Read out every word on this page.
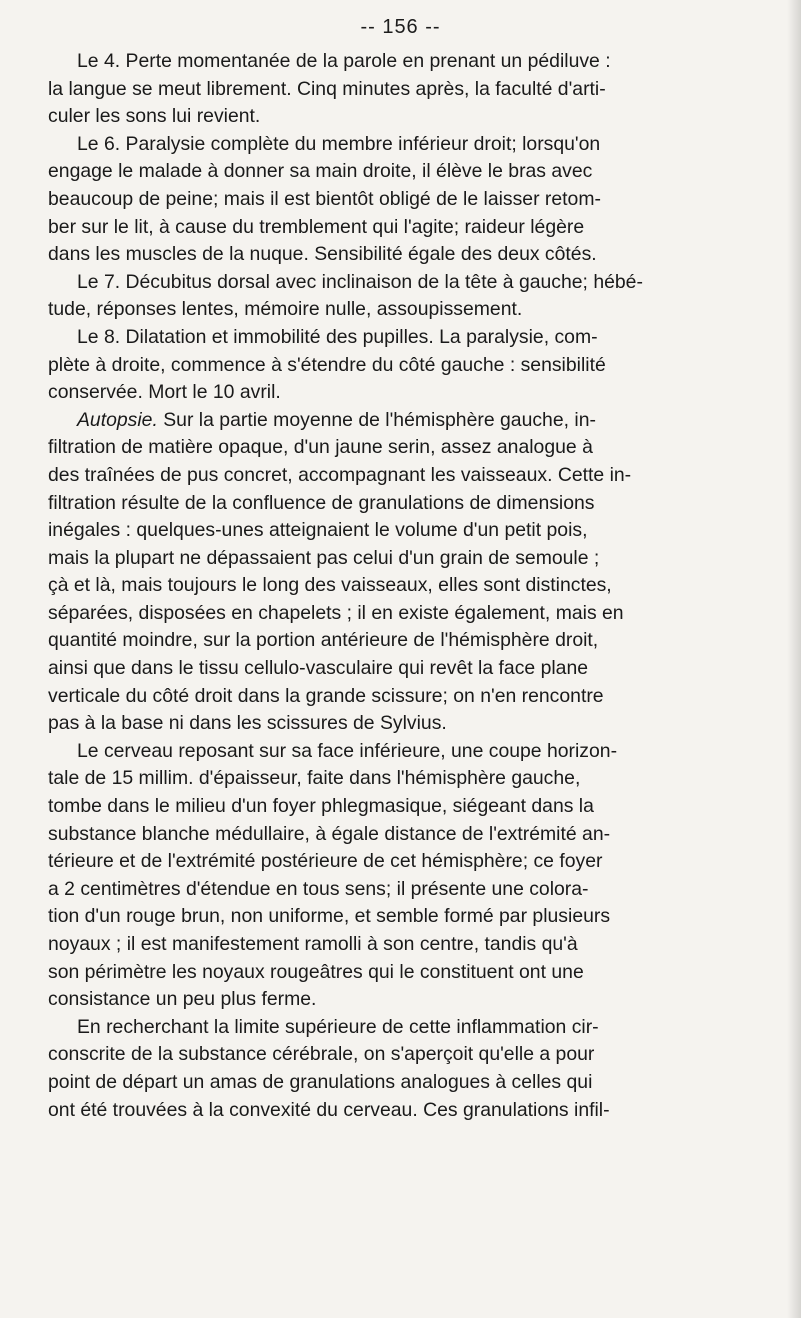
-- 156 --

Le 4. Perte momentanée de la parole en prenant un pédiluve :
la langue se meut librement. Cinq minutes après, la faculté d'arti-
culer les sons lui revient.

Le 6. Paralysie complète du membre inférieur droit; lorsqu'on
engage le malade à donner sa main droite, il élève le bras avec
beaucoup de peine; mais il est bientôt obligé de le laisser retom-
ber sur le lit, à cause du tremblement qui l'agite; raideur légère
dans les muscles de la nuque. Sensibilité égale des deux côtés.

Le 7. Décubitus dorsal avec inclinaison de la tête à gauche; hébé-
tude, réponses lentes, mémoire nulle, assoupissement.

Le 8. Dilatation et immobilité des pupilles. La paralysie, com-
plète à droite, commence à s'étendre du côté gauche : sensibilité
conservée. Mort le 10 avril.

Autopsie. Sur la partie moyenne de l'hémisphère gauche, in-
filtration de matière opaque, d'un jaune serin, assez analogue à
des traînées de pus concret, accompagnant les vaisseaux. Cette in-
filtration résulte de la confluence de granulations de dimensions
inégales : quelques-unes atteignaient le volume d'un petit pois,
mais la plupart ne dépassaient pas celui d'un grain de semoule ;
çà et là, mais toujours le long des vaisseaux, elles sont distinctes,
séparées, disposées en chapelets ; il en existe également, mais en
quantité moindre, sur la portion antérieure de l'hémisphère droit,
ainsi que dans le tissu cellulo-vasculaire qui revêt la face plane
verticale du côté droit dans la grande scissure; on n'en rencontre
pas à la base ni dans les scissures de Sylvius.

Le cerveau reposant sur sa face inférieure, une coupe horizon-
tale de 15 millim. d'épaisseur, faite dans l'hémisphère gauche,
tombe dans le milieu d'un foyer phlegmasique, siégeant dans la
substance blanche médullaire, à égale distance de l'extrémité an-
térieure et de l'extrémité postérieure de cet hémisphère; ce foyer
a 2 centimètres d'étendue en tous sens; il présente une colora-
tion d'un rouge brun, non uniforme, et semble formé par plusieurs
noyaux ; il est manifestement ramolli à son centre, tandis qu'à
son périmètre les noyaux rougeâtres qui le constituent ont une
consistance un peu plus ferme.

En recherchant la limite supérieure de cette inflammation cir-
conscrite de la substance cérébrale, on s'aperçoit qu'elle a pour
point de départ un amas de granulations analogues à celles qui
ont été trouvées à la convexité du cerveau. Ces granulations infil-
